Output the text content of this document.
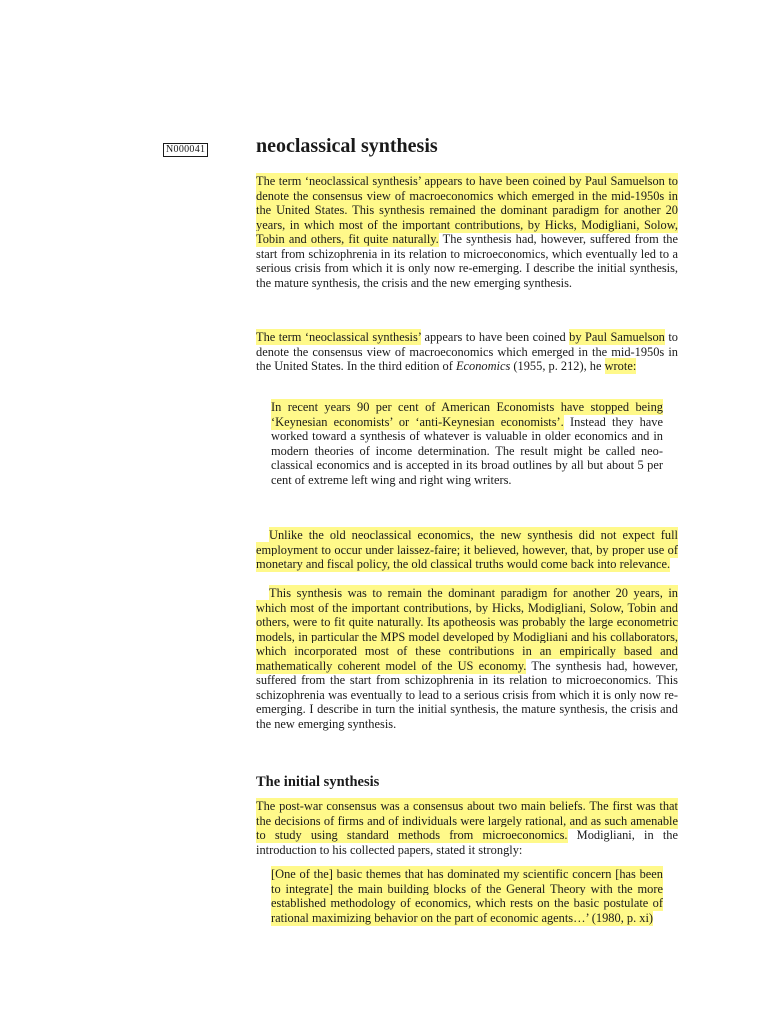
N000041	neoclassical synthesis

The term ‘neoclassical synthesis’ appears to have been coined by Paul Samuelson to denote the consensus view of macroeconomics which emerged in the mid-1950s in the United States. This synthesis remained the dominant paradigm for another 20 years, in which most of the important contributions, by Hicks, Modigliani, Solow, Tobin and others, fit quite naturally. The synthesis had, however, suffered from the start from schizophrenia in its relation to microeconomics, which eventually led to a serious crisis from which it is only now re-emerging. I describe the initial synthesis, the mature synthesis, the crisis and the new emerging synthesis.

The term ‘neoclassical synthesis’ appears to have been coined by Paul Samuelson to denote the consensus view of macroeconomics which emerged in the mid-1950s in the United States. In the third edition of Economics (1955, p. 212), he wrote:

In recent years 90 per cent of American Economists have stopped being ‘Keynesian economists’ or ‘anti-Keynesian economists’. Instead they have worked toward a synthesis of whatever is valuable in older economics and in modern theories of income determination. The result might be called neo-classical economics and is accepted in its broad outlines by all but about 5 per cent of extreme left wing and right wing writers.

Unlike the old neoclassical economics, the new synthesis did not expect full employment to occur under laissez-faire; it believed, however, that, by proper use of monetary and fiscal policy, the old classical truths would come back into relevance.

This synthesis was to remain the dominant paradigm for another 20 years, in which most of the important contributions, by Hicks, Modigliani, Solow, Tobin and others, were to fit quite naturally. Its apotheosis was probably the large econometric models, in particular the MPS model developed by Modigliani and his collaborators, which incorporated most of these contributions in an empirically based and mathematically coherent model of the US economy. The synthesis had, however, suffered from the start from schizophrenia in its relation to microeconomics. This schizophrenia was eventually to lead to a serious crisis from which it is only now re-emerging. I describe in turn the initial synthesis, the mature synthesis, the crisis and the new emerging synthesis.

The initial synthesis

The post-war consensus was a consensus about two main beliefs. The first was that the decisions of firms and of individuals were largely rational, and as such amenable to study using standard methods from microeconomics. Modigliani, in the introduction to his collected papers, stated it strongly:

[One of the] basic themes that has dominated my scientific concern [has been to integrate] the main building blocks of the General Theory with the more established methodology of economics, which rests on the basic postulate of rational maximizing behavior on the part of economic agents…’ (1980, p. xi)
